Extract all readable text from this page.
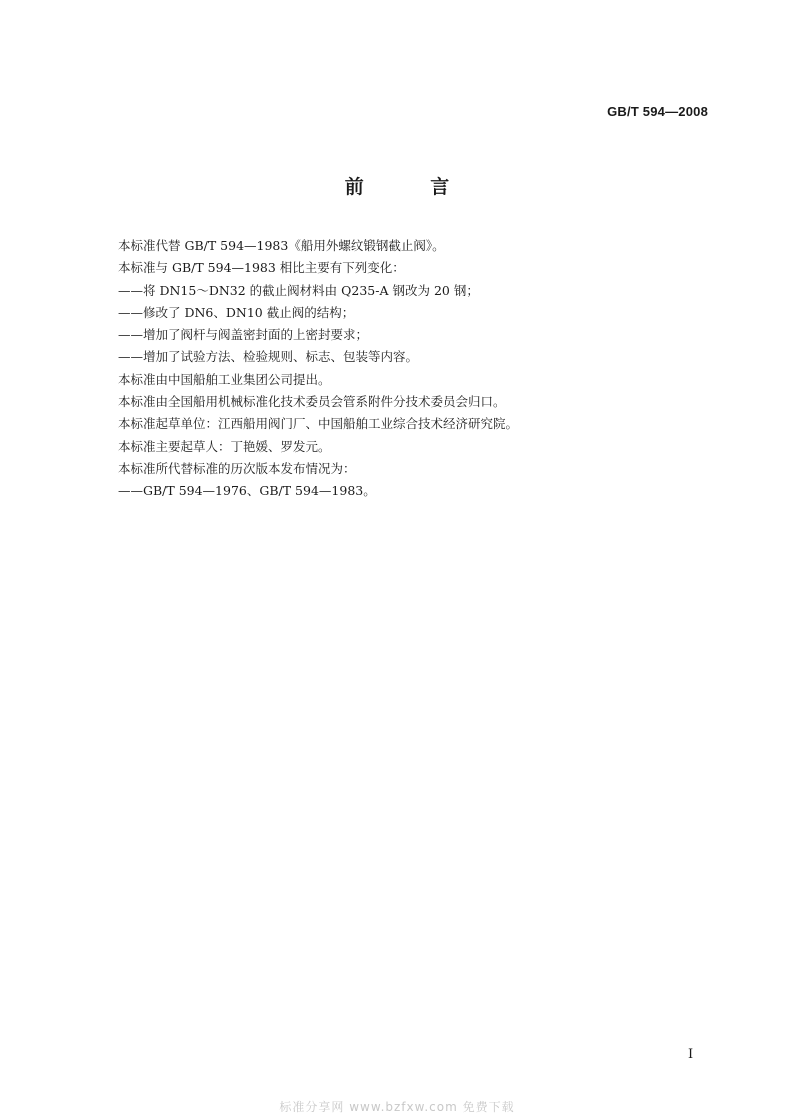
GB/T 594—2008
前 言

本标准代替 GB/T 594—1983《船用外螺纹锻钢截止阀》。

本标准与 GB/T 594—1983 相比主要有下列变化：

——将 DN15～DN32 的截止阀材料由 Q235-A 钢改为 20 钢；

——修改了 DN6、DN10 截止阀的结构；

——增加了阀杆与阀盖密封面的上密封要求；

——增加了试验方法、检验规则、标志、包装等内容。

本标准由中国船舶工业集团公司提出。

本标准由全国船用机械标准化技术委员会管系附件分技术委员会归口。

本标准起草单位：江西船用阀门厂、中国船舶工业综合技术经济研究院。

本标准主要起草人：丁艳媛、罗发元。

本标准所代替标准的历次版本发布情况为：

——GB/T 594—1976、GB/T 594—1983。

I
标准分享网 www.bzfxw.com 免费下载
